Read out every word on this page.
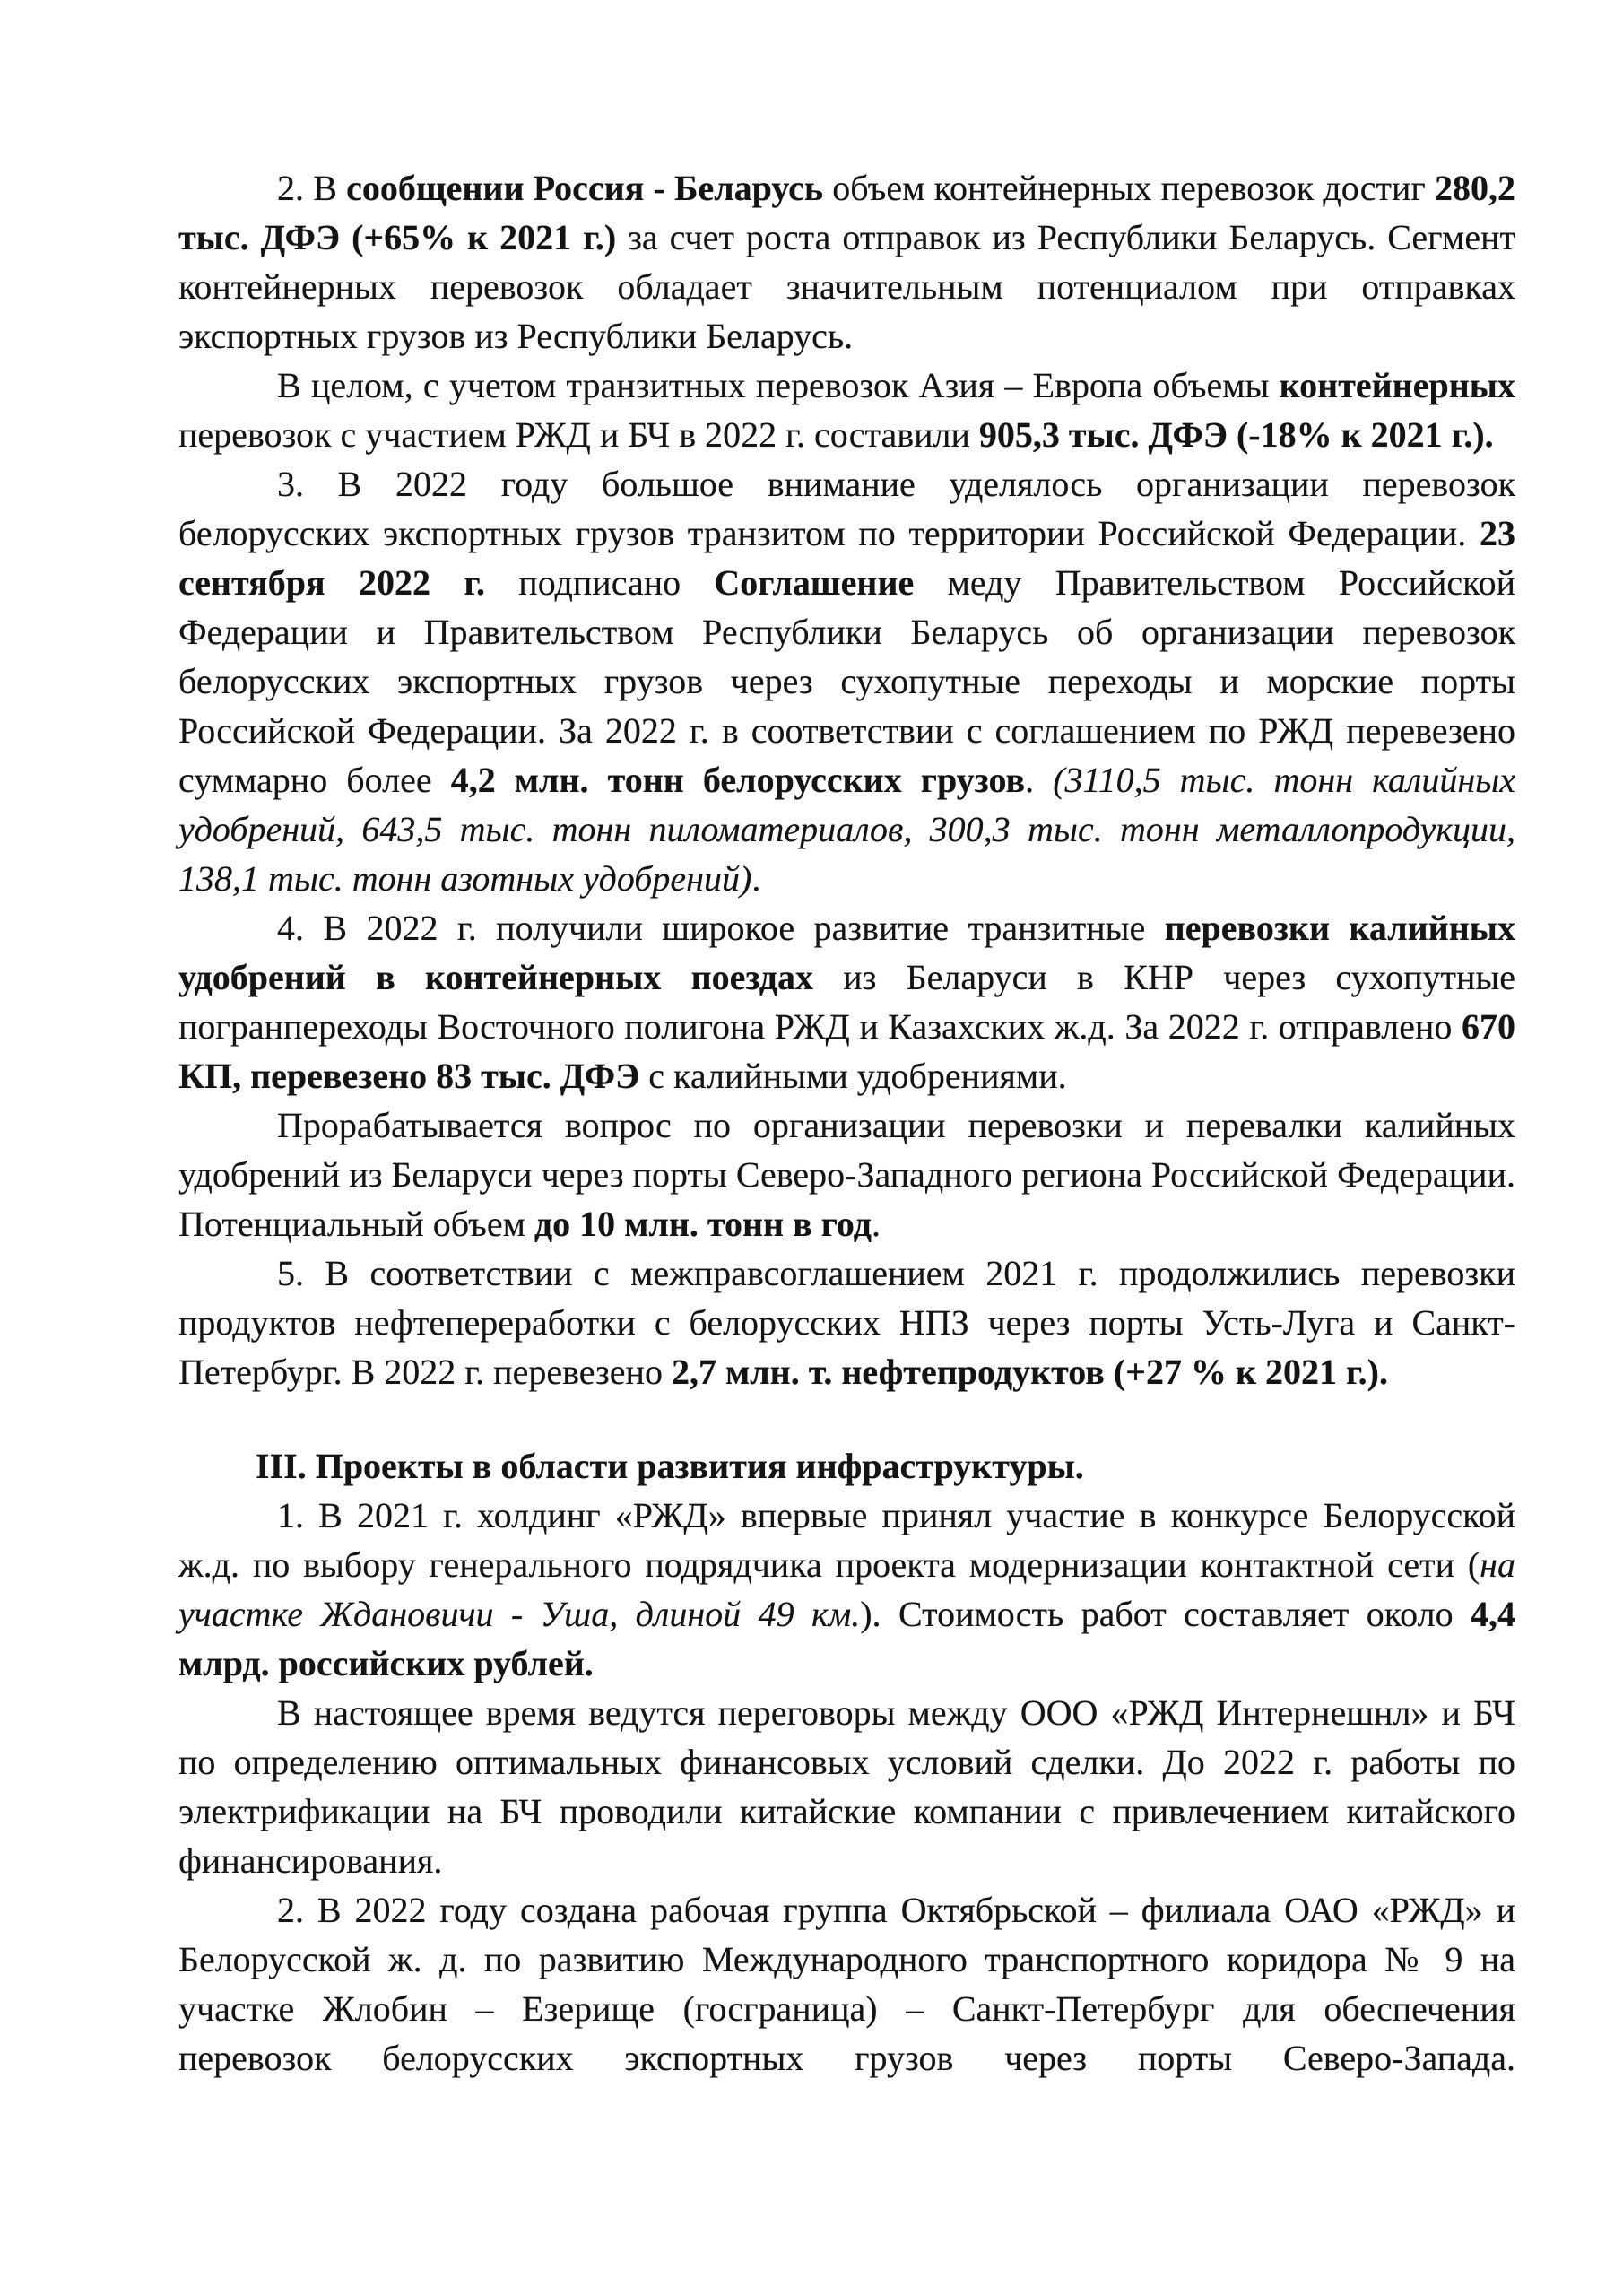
2. В сообщении Россия - Беларусь объем контейнерных перевозок достиг 280,2 тыс. ДФЭ (+65% к 2021 г.) за счет роста отправок из Республики Беларусь. Сегмент контейнерных перевозок обладает значительным потенциалом при отправках экспортных грузов из Республики Беларусь.

В целом, с учетом транзитных перевозок Азия – Европа объемы контейнерных перевозок с участием РЖД и БЧ в 2022 г. составили 905,3 тыс. ДФЭ (-18% к 2021 г.).

3. В 2022 году большое внимание уделялось организации перевозок белорусских экспортных грузов транзитом по территории Российской Федерации. 23 сентября 2022 г. подписано Соглашение меду Правительством Российской Федерации и Правительством Республики Беларусь об организации перевозок белорусских экспортных грузов через сухопутные переходы и морские порты Российской Федерации. За 2022 г. в соответствии с соглашением по РЖД перевезено суммарно более 4,2 млн. тонн белорусских грузов. (3110,5 тыс. тонн калийных удобрений, 643,5 тыс. тонн пиломатериалов, 300,3 тыс. тонн металлопродукции, 138,1 тыс. тонн азотных удобрений).

4. В 2022 г. получили широкое развитие транзитные перевозки калийных удобрений в контейнерных поездах из Беларуси в КНР через сухопутные погранпереходы Восточного полигона РЖД и Казахских ж.д. За 2022 г. отправлено 670 КП, перевезено 83 тыс. ДФЭ с калийными удобрениями.

Прорабатывается вопрос по организации перевозки и перевалки калийных удобрений из Беларуси через порты Северо-Западного региона Российской Федерации. Потенциальный объем до 10 млн. тонн в год.

5. В соответствии с межправсоглашением 2021 г. продолжились перевозки продуктов нефтепереработки с белорусских НПЗ через порты Усть-Луга и Санкт-Петербург. В 2022 г. перевезено 2,7 млн. т. нефтепродуктов (+27 % к 2021 г.).

III. Проекты в области развития инфраструктуры.

1. В 2021 г. холдинг «РЖД» впервые принял участие в конкурсе Белорусской ж.д. по выбору генерального подрядчика проекта модернизации контактной сети (на участке Ждановичи - Уша, длиной 49 км.). Стоимость работ составляет около 4,4 млрд. российских рублей.

В настоящее время ведутся переговоры между ООО «РЖД Интернешнл» и БЧ по определению оптимальных финансовых условий сделки. До 2022 г. работы по электрификации на БЧ проводили китайские компании с привлечением китайского финансирования.

2. В 2022 году создана рабочая группа Октябрьской – филиала ОАО «РЖД» и Белорусской ж. д. по развитию Международного транспортного коридора № 9 на участке Жлобин – Езерище (госграница) – Санкт-Петербург для обеспечения перевозок белорусских экспортных грузов через порты Северо-Запада.
